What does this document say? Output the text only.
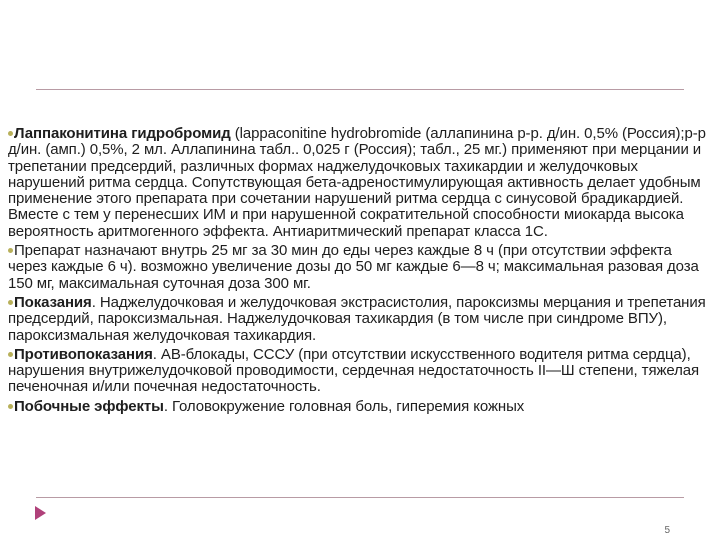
Лаппаконитина гидробромид (lappaconitine hydrobromide (аллапинина р-р. д/ин. 0,5% (Россия);р-р д/ин. (амп.) 0,5%, 2 мл. Аллапинина табл.. 0,025 г (Россия); табл., 25 мг.) применяют при мерцании и трепетании предсердий, различных формах наджелудочковых тахикардии и желудочковых нарушений ритма сердца. Сопутствующая бета-адреностимулирующая активность делает удобным применение этого препарата при сочетании нарушений ритма сердца с синусовой брадикардией. Вместе с тем у перенесших ИМ и при нарушенной сократительной способности миокарда высока вероятность аритмогенного эффекта. Антиаритмический препарат класса 1С.

Препарат назначают внутрь 25 мг за 30 мин до еды через каждые 8 ч (при отсутствии эффекта через каждые 6 ч). возможно увеличение дозы до 50 мг каждые 6—8 ч; максимальная разовая доза 150 мг, максимальная суточная доза 300 мг.

Показания. Наджелудочковая и желудочковая экстрасистолия, пароксизмы мерцания и трепетания предсердий, пароксизмальная. Наджелудочковая тахикардия (в том числе при синдроме ВПУ), пароксизмальная желудочковая тахикардия.

Противопоказания. АВ-блокады, СССУ (при отсутствии искусственного водителя ритма сердца), нарушения внутрижелудочковой проводимости, сердечная недостаточность II—Ш степени, тяжелая печеночная и/или почечная недостаточность.

Побочные эффекты. Головокружение головная боль, гиперемия кожных

5
